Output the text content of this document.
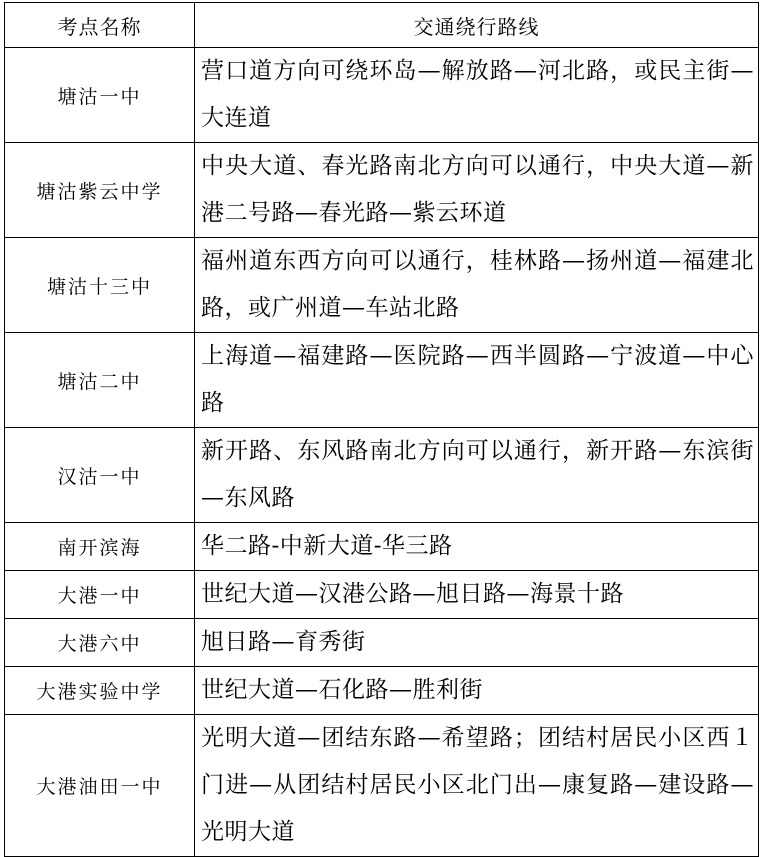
考点名称	交通绕行路线
塘沽一中	营口道方向可绕环岛—解放路—河北路，或民主街—大连道
塘沽紫云中学	中央大道、春光路南北方向可以通行，中央大道—新港二号路—春光路—紫云环道
塘沽十三中	福州道东西方向可以通行，桂林路—扬州道—福建北路，或广州道—车站北路
塘沽二中	上海道—福建路—医院路—西半圆路—宁波道—中心路
汉沽一中	新开路、东风路南北方向可以通行，新开路—东滨街—东风路
南开滨海	华二路-中新大道-华三路
大港一中	世纪大道—汉港公路—旭日路—海景十路
大港六中	旭日路—育秀街
大港实验中学	世纪大道—石化路—胜利街
大港油田一中	光明大道—团结东路—希望路；团结村居民小区西１门进—从团结村居民小区北门出—康复路—建设路—光明大道
